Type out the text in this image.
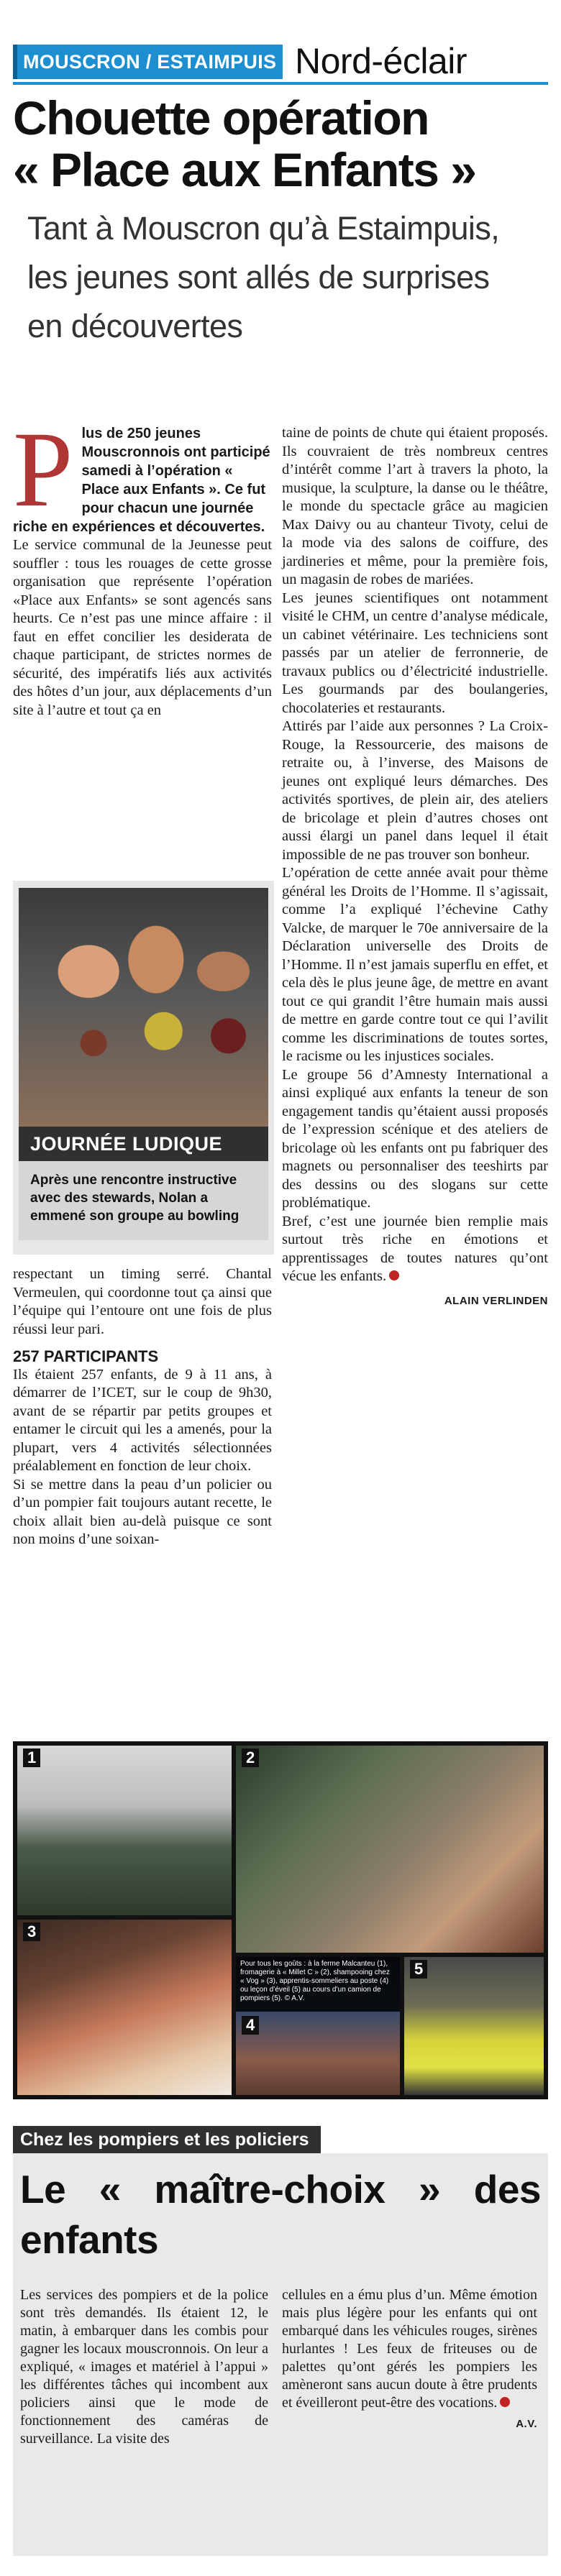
MOUSCRON / ESTAIMPUIS Nord-éclair
Chouette opération
« Place aux Enfants »
Tant à Mouscron qu’à Estaimpuis,
les jeunes sont allés de surprises
en découvertes
P lus de 250 jeunes Mouscronnois ont participé samedi à l’opération « Place aux Enfants ». Ce fut pour chacun une journée riche en expériences et découvertes.

Le service communal de la Jeunesse peut souffler : tous les rouages de cette grosse organisation que représente l’opération «Place aux Enfants» se sont agencés sans heurts. Ce n’est pas une mince affaire : il faut en effet concilier les desiderata de chaque participant, de strictes normes de sécurité, des impératifs liés aux activités des hôtes d’un jour, aux déplacements d’un site à l’autre et tout ça en

JOURNÉE LUDIQUE
Après une rencontre instructive avec des stewards, Nolan a emmené son groupe au bowling

respectant un timing serré. Chantal Vermeulen, qui coordonne tout ça ainsi que l’équipe qui l’entoure ont une fois de plus réussi leur pari.

257 PARTICIPANTS

Ils étaient 257 enfants, de 9 à 11 ans, à démarrer de l’ICET, sur le coup de 9h30, avant de se répartir par petits groupes et entamer le circuit qui les a amenés, pour la plupart, vers 4 activités sélectionnées préalablement en fonction de leur choix.

Si se mettre dans la peau d’un policier ou d’un pompier fait toujours autant recette, le choix allait bien au-delà puisque ce sont non moins d’une soixan-

taine de points de chute qui étaient proposés. Ils couvraient de très nombreux centres d’intérêt comme l’art à travers la photo, la musique, la sculpture, la danse ou le théâtre, le monde du spectacle grâce au magicien Max Daivy ou au chanteur Tivoty, celui de la mode via des salons de coiffure, des jardineries et même, pour la première fois, un magasin de robes de mariées.

Les jeunes scientifiques ont notamment visité le CHM, un centre d’analyse médicale, un cabinet vétérinaire. Les techniciens sont passés par un atelier de ferronnerie, de travaux publics ou d’électricité industrielle. Les gourmands par des boulangeries, chocolateries et restaurants.

Attirés par l’aide aux personnes ? La Croix-Rouge, la Ressourcerie, des maisons de retraite ou, à l’inverse, des Maisons de jeunes ont expliqué leurs démarches. Des activités sportives, de plein air, des ateliers de bricolage et plein d’autres choses ont aussi élargi un panel dans lequel il était impossible de ne pas trouver son bonheur.

L’opération de cette année avait pour thème général les Droits de l’Homme. Il s’agissait, comme l’a expliqué l’échevine Cathy Valcke, de marquer le 70e anniversaire de la Déclaration universelle des Droits de l’Homme. Il n’est jamais superflu en effet, et cela dès le plus jeune âge, de mettre en avant tout ce qui grandit l’être humain mais aussi de mettre en garde contre tout ce qui l’avilit comme les discriminations de toutes sortes, le racisme ou les injustices sociales.

Le groupe 56 d’Amnesty International a ainsi expliqué aux enfants la teneur de son engagement tandis qu’étaient aussi proposés de l’expression scénique et des ateliers de bricolage où les enfants ont pu fabriquer des magnets ou personnaliser des teeshirts par des dessins ou des slogans sur cette problématique.

Bref, c’est une journée bien remplie mais surtout très riche en émotions et apprentissages de toutes natures qu’ont vécue les enfants.

ALAIN VERLINDEN

1	2
3
4
5
Pour tous les goûts : à la ferme Malcanteu (1), fromagerie à « Millet C » (2), shampooing chez « Vog » (3), apprentis-sommeliers au poste (4) ou leçon d’éveil (5) au cours d’un camion de pompiers (5). © A.V.
Chez les pompiers et les policiers
Le « maître-choix » des enfants

Les services des pompiers et de la police sont très demandés. Ils étaient 12, le matin, à embarquer dans les combis pour gagner les locaux mouscronnois. On leur a expliqué, « images et matériel à l’appui » les différentes tâches qui incombent aux policiers ainsi que le mode de fonctionnement des caméras de surveillance. La visite des

cellules en a ému plus d’un. Même émotion mais plus légère pour les enfants qui ont embarqué dans les véhicules rouges, sirènes hurlantes ! Les feux de friteuses ou de palettes qu’ont gérés les pompiers les amèneront sans aucun doute à être prudents et éveilleront peut-être des vocations.

A.V.
